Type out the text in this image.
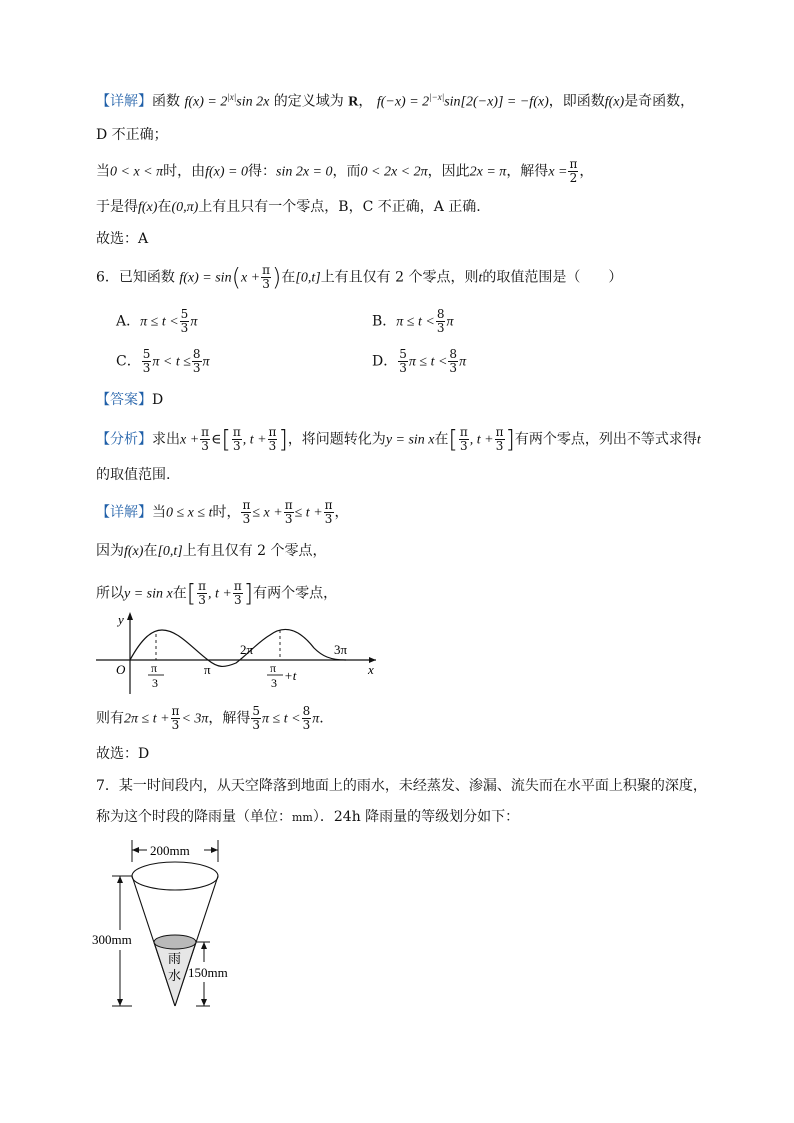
【详解】函数 $f(x) = 2^{|x|}\sin$ 2x 的定义域为 R， $f(-x) = 2^{|-x|}\sin[2(-x)] = -f(x)$，即函数f(x)是奇函数，
D 不正确；
当0 < x < π时，由f(x) = 0得：sin 2x = 0，而0 < 2x < 2π，因此2x = π，解得$x = \frac{\pi}{2}$ ，
于是得f(x)在(0,π)上有且只有一个零点，B，C 不正确，A 正确.
故选：A
6．已知函数 $f(x) = \sin(x + \frac{\pi}{3}$ )在[0,t]上有且仅有 2 个零点，则t的取值范围是（　　）
A．$\pi \le t < \frac{5}{3}$ π	B．$\pi \le t < \frac{8}{3}$ π
C． $\frac{5}{3}$ $\pi < t \le \frac{8}{3}$ π	D． $\frac{5}{3}$ $\pi \le t < \frac{8}{3}$ π
【答案】D
【分析】求出$x + \frac{\pi}{3}$ ∈[ $\frac{\pi}{3}$ , $t + \frac{\pi}{3}$ ]，将问题转化为y = sin x在[ $\frac{\pi}{3}$ , $t + \frac{\pi}{3}$ ]有两个零点，列出不等式求得t
的取值范围.
【详解】当0 ≤ x ≤ t时， $\frac{\pi}{3} \le x + \frac{\pi}{3} \le t + \frac{\pi}{3}$ ，
因为f(x)在[0,t]上有且仅有 2 个零点，
所以y = sin x在[ $\frac{\pi}{3}$ , $t + \frac{\pi}{3}$ ]有两个零点，
y
x
O	π
2π	3π
π
3
π
3 +t
则有$2\pi \le t + \frac{\pi}{3} < 3\pi$，解得 $\frac{5}{3}$ $\pi \le t < \frac{8}{3} \pi$.
故选：D
7．某一时间段内，从天空降落到地面上的雨水，未经蒸发、渗漏、流失而在水平面上积聚的深度，
称为这个时段的降雨量（单位：mm）．24h 降雨量的等级划分如下：
200mm
雨
水
300mm
150mm
